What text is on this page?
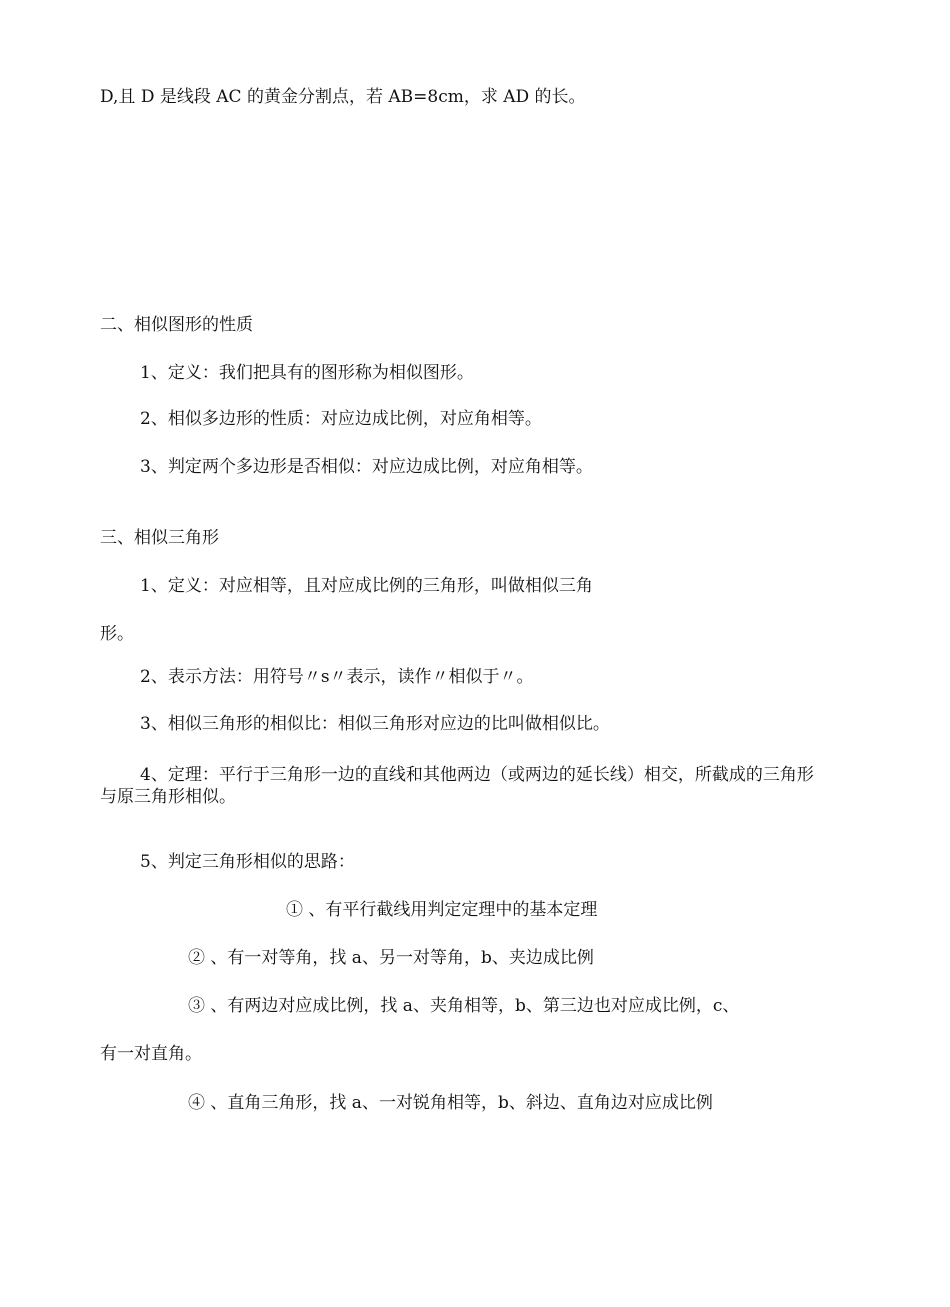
D,且 D 是线段 AC 的黄金分割点，若 AB=8cm，求 AD 的长。
二、相似图形的性质
1、定义：我们把具有的图形称为相似图形。
2、相似多边形的性质：对应边成比例，对应角相等。
3、判定两个多边形是否相似：对应边成比例，对应角相等。
三、相似三角形
1、定义：对应相等，且对应成比例的三角形，叫做相似三角
形。
2、表示方法：用符号〃s〃表示，读作〃相似于〃。
3、相似三角形的相似比：相似三角形对应边的比叫做相似比。
4、定理：平行于三角形一边的直线和其他两边（或两边的延长线）相交，所截成的三角形与原三角形相似。
5、判定三角形相似的思路：
① 、有平行截线用判定定理中的基本定理
② 、有一对等角，找 a、另一对等角，b、夹边成比例
③ 、有两边对应成比例，找 a、夹角相等，b、第三边也对应成比例，c、
有一对直角。
④ 、直角三角形，找 a、一对锐角相等，b、斜边、直角边对应成比例
